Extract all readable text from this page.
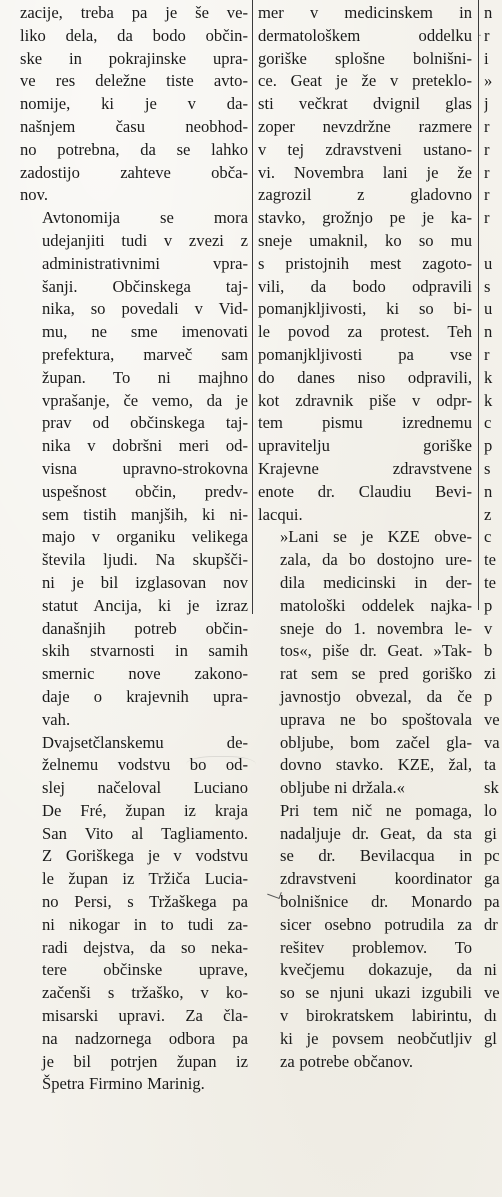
zacije, treba pa je še ve-
liko dela, da bodo občin-
ske in pokrajinske upra-
ve res deležne tiste avto-
nomije, ki je v da-
našnjem času neobhod-
no potrebna, da se lahko
zadostijo zahteve obča-
nov.

Avtonomija se mora
udejanjiti tudi v zvezi z
administrativnimi vpra-
šanji. Občinskega taj-
nika, so povedali v Vid-
mu, ne sme imenovati
prefektura, marveč sam
župan. To ni majhno
vprašanje, če vemo, da je
prav od občinskega taj-
nika v dobršni meri od-
visna upravno-strokovna
uspešnost občin, predv-
sem tistih manjših, ki ni-
majo v organiku velikega
števila ljudi. Na skupšči-
ni je bil izglasovan nov
statut Ancija, ki je izraz
današnjih potreb občin-
skih stvarnosti in samih
smernic nove zakono-
daje o krajevnih upra-
vah.

Dvajsetčlanskemu de-
želnemu vodstvu bo od-
slej načeloval Luciano
De Fré, župan iz kraja
San Vito al Tagliamento.
Z Goriškega je v vodstvu
le župan iz Tržiča Lucia-
no Persi, s Tržaškega pa
ni nikogar in to tudi za-
radi dejstva, da so neka-
tere občinske uprave,
začenši s tržaško, v ko-
misarski upravi. Za čla-
na nadzornega odbora pa
je bil potrjen župan iz
Špetra Firmino Marinig.

mer v medicinskem in
dermatološkem oddelku
goriške splošne bolnišni-
ce. Geat je že v preteklo-
sti večkrat dvignil glas
zoper nevzdržne razmere
v tej zdravstveni ustano-
vi. Novembra lani je že
zagrozil z gladovno
stavko, grožnjo pe je ka-
sneje umaknil, ko so mu
s pristojnih mest zagoto-
vili, da bodo odpravili
pomanjkljivosti, ki so bi-
le povod za protest. Teh
pomanjkljivosti pa vse
do danes niso odpravili,
kot zdravnik piše v odpr-
tem pismu izrednemu
upravitelju goriške
Krajevne zdravstvene
enote dr. Claudiu Bevi-
lacqui.

»Lani se je KZE obve-
zala, da bo dostojno ure-
dila medicinski in der-
matološki oddelek najka-
sneje do 1. novembra le-
tos«, piše dr. Geat. »Tak-
rat sem se pred goriško
javnostjo obvezal, da če
uprava ne bo spoštovala
obljube, bom začel gla-
dovno stavko. KZE, žal,
obljube ni držala.«

Pri tem nič ne pomaga,
nadaljuje dr. Geat, da sta
se dr. Bevilacqua in
zdravstveni koordinator
bolnišnice dr. Monardo
sicer osebno potrudila za
rešitev problemov. To
kvečjemu dokazuje, da
so se njuni ukazi izgubili
v birokratskem labirintu,
ki je povsem neobčutljiv
za potrebe občanov.

n
r
i
»
j
r
r
r
r
r
u
s
u
n
r
k
k
c
p
s
n
z
c
te
te
p
v
b
zi
p
ve
va
ta
sk
lo
gi
pc
ga
pa
dr
ni
ve
dı
gl
·
